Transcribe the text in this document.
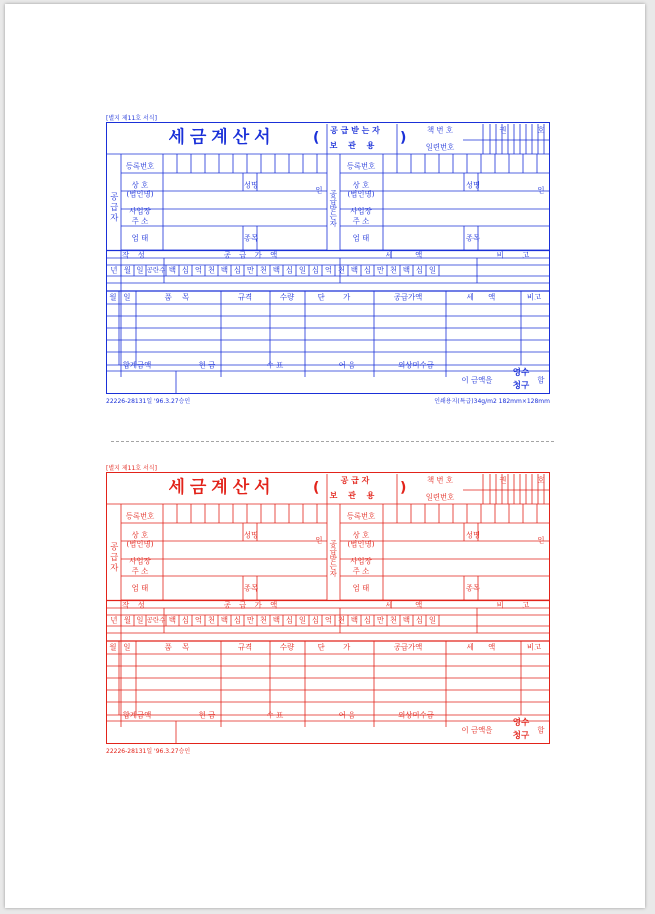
[별지 제11호 서식]
세금계산서	( 공 급 받 는 자
보 관 용 )
책 번 호	권	호
일련번호
공급자
등록번호
상 호
(법인명)
성명
인
사업장
주 소
업 태	종목
공급받는자
등록번호
상 호
(법인명)
성명
인
사업장
주 소
업 태	종목
작 성	공 급 가 액	세 액	비 고
년 월 일 공란수 백 십 억 천 백 십 만 천 백 십 일 십 억 천 백 십 만 천 백 십 일
월 일	품 목	규격	수량	단 가	공급가액	세 액	비고
합계금액	현 금	수 표	어 음	외상미수금
이 금액을
영수
청구
함
22226-28131일 '96.3.27승인	인쇄용지(특급)34g/m2 182mm×128mm
[별지 제11호 서식]
세금계산서	(	공 급 자
보 관 용 )
책 번 호	권	호
일련번호
공급자
등록번호
상 호
(법인명)
성명
인
사업장
주 소
업 태	종목
공급받는자
등록번호
상 호
(법인명)
성명
인
사업장
주 소
업 태	종목
작 성	공 급 가 액	세 액	비 고
년 월 일 공란수 백 십 억 천 백 십 만 천 백 십 일 십 억 천 백 십 만 천 백 십 일
월 일	품 목	규격	수량	단 가	공급가액	세 액	비고
합계금액	현 금	수 표	어 음	외상미수금
이 금액을
영수
청구
함
22226-28131일 '96.3.27승인
